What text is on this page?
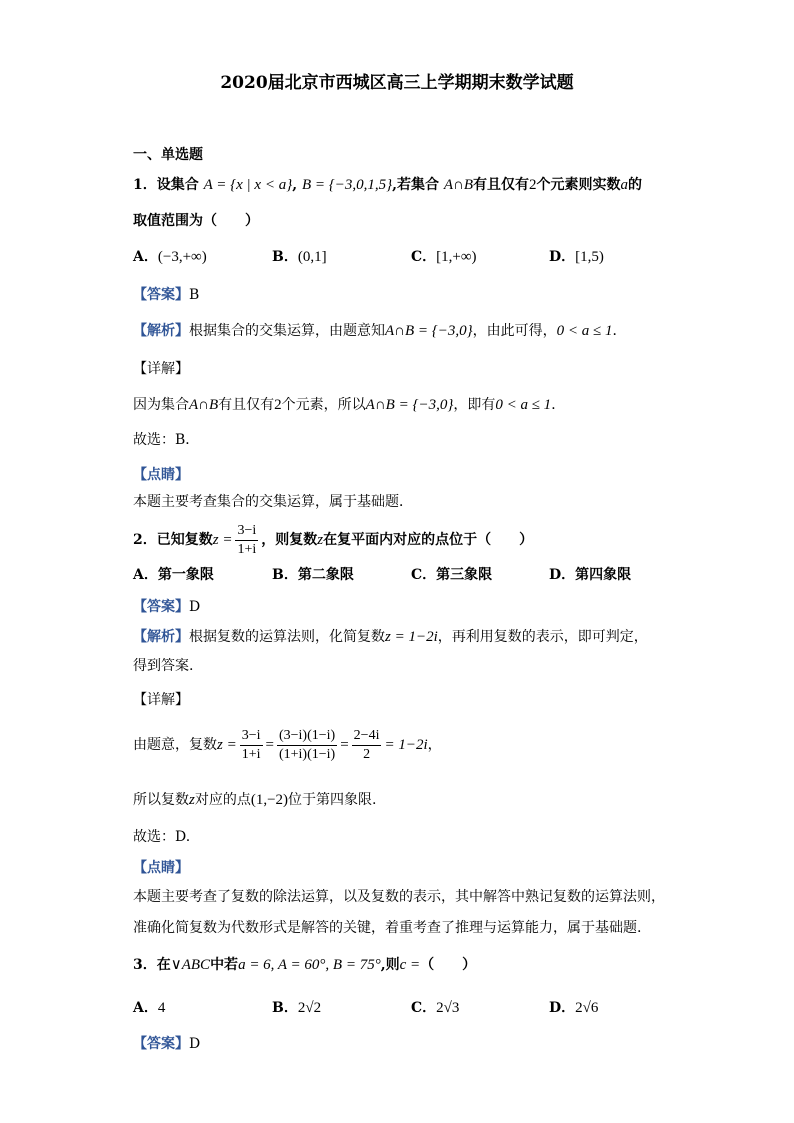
2020届北京市西城区高三上学期期末数学试题
一、单选题
1．设集合 A = {x | x < a}, B = {−3,0,1,5},若集合 A∩B有且仅有2个元素则实数a的
取值范围为（　　）
A．(−3,+∞)	B．(0,1]	C．[1,+∞)	D．[1,5)
【答案】B
【解析】根据集合的交集运算，由题意知A∩B = {−3,0}，由此可得，0 < a ≤ 1．
【详解】
因为集合A∩B有且仅有2个元素，所以A∩B = {−3,0}，即有0 < a ≤ 1．
故选：B．
【点睛】
本题主要考查集合的交集运算，属于基础题．
2．已知复数$z = \frac{3-i}{1+i}$ ，则复数z在复平面内对应的点位于（　　）
A．第一象限	B．第二象限	C．第三象限	D．第四象限
【答案】D
【解析】根据复数的运算法则，化简复数z = 1−2i，再利用复数的表示，即可判定，
得到答案.
【详解】
由题意，复数$z = \frac{3-i}{1+i} = \frac{(3-i)(1-i)}{(1+i)(1-i)} = \frac{2-4i}{2} = 1-2i$，
所以复数z对应的点(1,−2)位于第四象限.
故选：D.
【点睛】
本题主要考查了复数的除法运算，以及复数的表示，其中解答中熟记复数的运算法则，
准确化简复数为代数形式是解答的关键，着重考查了推理与运算能力，属于基础题.
3．在∨ABC中若a = 6, A = 60°, B = 75°,则c =（　　）
A．4	B．2√2	C．2√3	D．2√6
【答案】D
